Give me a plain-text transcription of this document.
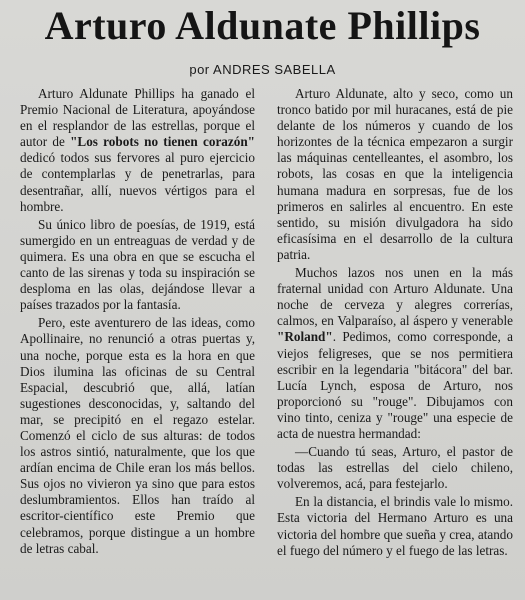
Arturo Aldunate Phillips
por ANDRES SABELLA

Arturo Aldunate Phillips ha ganado el Premio Nacional de Literatura, apoyándose en el resplandor de las estrellas, porque el autor de "Los robots no tienen corazón" dedicó todos sus fervores al puro ejercicio de contemplarlas y de penetrarlas, para desentrañar, allí, nuevos vértigos para el hombre.

Su único libro de poesías, de 1919, está sumergido en un entreaguas de verdad y de quimera. Es una obra en que se escucha el canto de las sirenas y toda su inspiración se desploma en las olas, dejándose llevar a países trazados por la fantasía.

Pero, este aventurero de las ideas, como Apollinaire, no renunció a otras puertas y, una noche, porque esta es la hora en que Dios ilumina las oficinas de su Central Espacial, descubrió que, allá, latían sugestiones desconocidas, y, saltando del mar, se precipitó en el regazo estelar. Comenzó el ciclo de sus alturas: de todos los astros sintió, naturalmente, que los que ardían encima de Chile eran los más bellos. Sus ojos no vivieron ya sino que para estos deslumbramientos. Ellos han traído al escritor-científico este Premio que celebramos, porque distingue a un hombre de letras cabal.

Arturo Aldunate, alto y seco, como un tronco batido por mil huracanes, está de pie delante de los números y cuando de los horizontes de la técnica empezaron a surgir las máquinas centelleantes, el asombro, los robots, las cosas en que la inteligencia humana madura en sorpresas, fue de los primeros en salirles al encuentro. En este sentido, su misión divulgadora ha sido eficasísima en el desarrollo de la cultura patria.

Muchos lazos nos unen en la más fraternal unidad con Arturo Aldunate. Una noche de cerveza y alegres correrías, calmos, en Valparaíso, al áspero y venerable "Roland". Pedimos, como corresponde, a viejos feligreses, que se nos permitiera escribir en la legendaria "bitácora" del bar. Lucía Lynch, esposa de Arturo, nos proporcionó su "rouge". Dibujamos con vino tinto, ceniza y "rouge" una especie de acta de nuestra hermandad:

—Cuando tú seas, Arturo, el pastor de todas las estrellas del cielo chileno, volveremos, acá, para festejarlo.

En la distancia, el brindis vale lo mismo. Esta victoria del Hermano Arturo es una victoria del hombre que sueña y crea, atando el fuego del número y el fuego de las letras.
